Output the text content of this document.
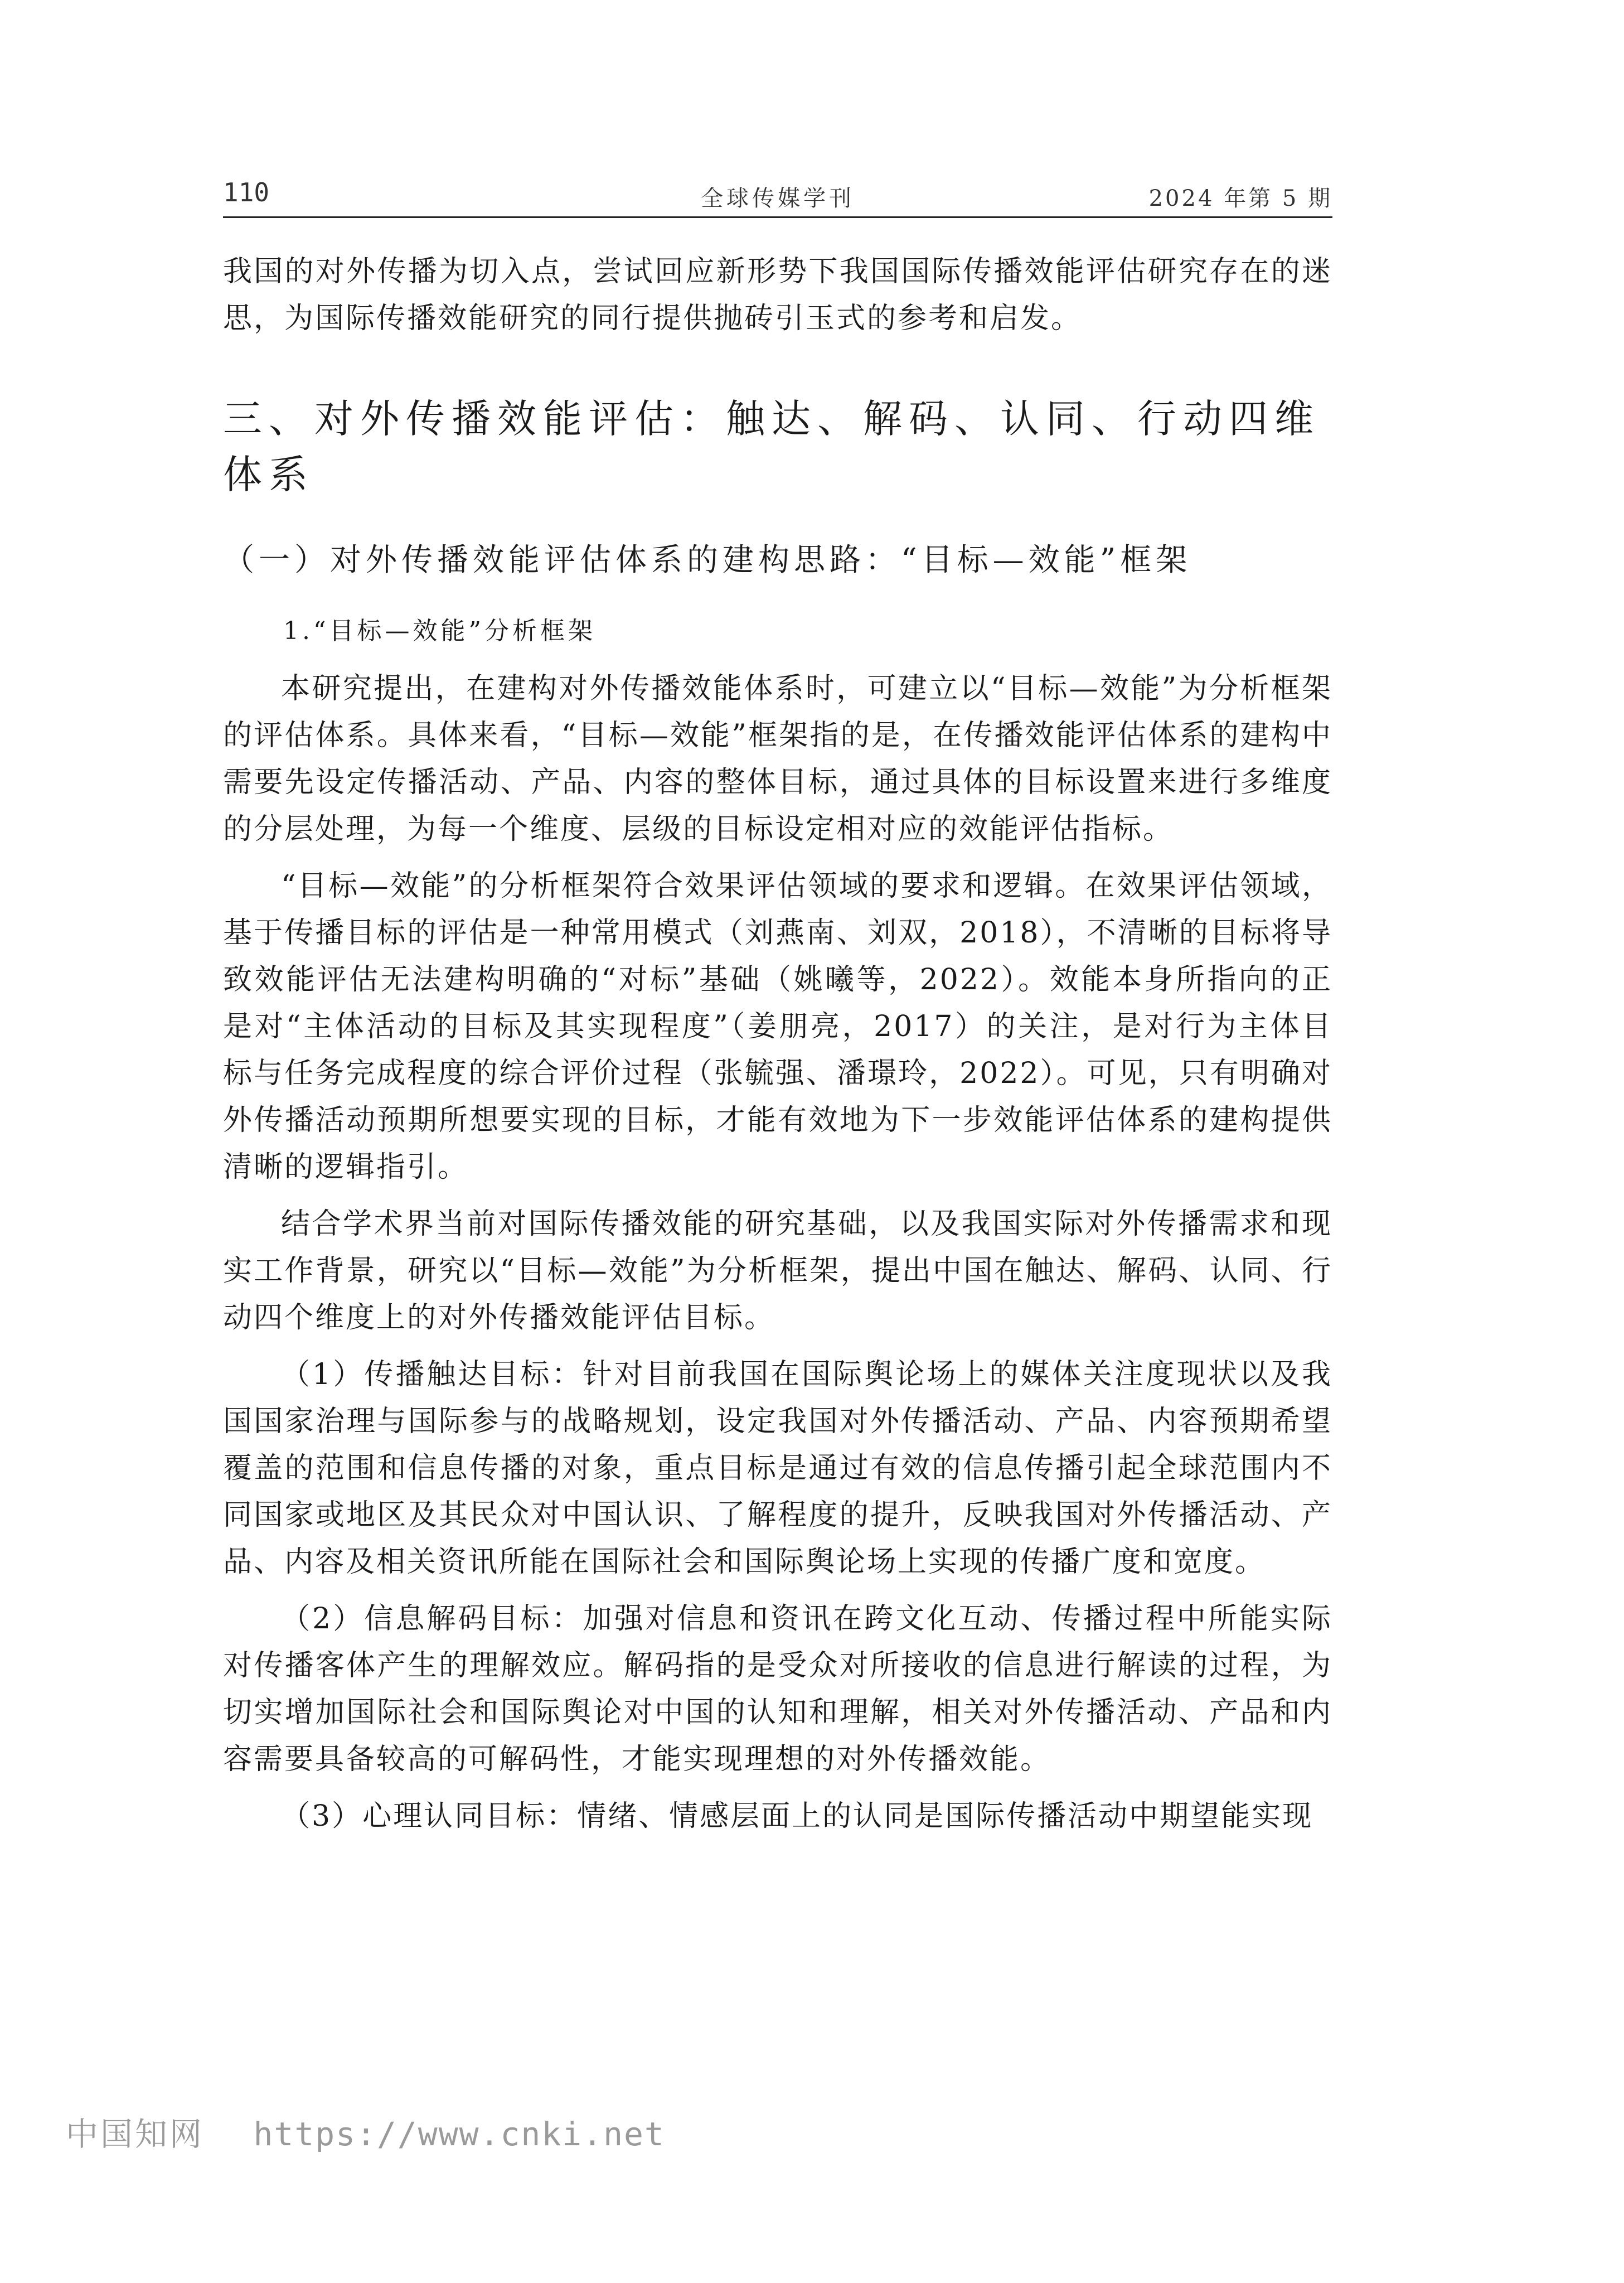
110	全球传媒学刊	2024 年第 5 期

我国的对外传播为切入点，尝试回应新形势下我国国际传播效能评估研究存在的迷思，为国际传播效能研究的同行提供抛砖引玉式的参考和启发。

三、对外传播效能评估：触达、解码、认同、行动四维体系
（一）对外传播效能评估体系的建构思路：“目标—效能”框架
1.“目标—效能”分析框架

本研究提出，在建构对外传播效能体系时，可建立以“目标—效能”为分析框架的评估体系。具体来看，“目标—效能”框架指的是，在传播效能评估体系的建构中需要先设定传播活动、产品、内容的整体目标，通过具体的目标设置来进行多维度的分层处理，为每一个维度、层级的目标设定相对应的效能评估指标。

“目标—效能”的分析框架符合效果评估领域的要求和逻辑。在效果评估领域，基于传播目标的评估是一种常用模式（刘燕南、刘双，2018），不清晰的目标将导致效能评估无法建构明确的“对标”基础（姚曦等，2022）。效能本身所指向的正是对“主体活动的目标及其实现程度”（姜朋亮，2017）的关注，是对行为主体目标与任务完成程度的综合评价过程（张毓强、潘璟玲，2022）。可见，只有明确对外传播活动预期所想要实现的目标，才能有效地为下一步效能评估体系的建构提供清晰的逻辑指引。

结合学术界当前对国际传播效能的研究基础，以及我国实际对外传播需求和现实工作背景，研究以“目标—效能”为分析框架，提出中国在触达、解码、认同、行动四个维度上的对外传播效能评估目标。

（1）传播触达目标：针对目前我国在国际舆论场上的媒体关注度现状以及我国国家治理与国际参与的战略规划，设定我国对外传播活动、产品、内容预期希望覆盖的范围和信息传播的对象，重点目标是通过有效的信息传播引起全球范围内不同国家或地区及其民众对中国认识、了解程度的提升，反映我国对外传播活动、产品、内容及相关资讯所能在国际社会和国际舆论场上实现的传播广度和宽度。

（2）信息解码目标：加强对信息和资讯在跨文化互动、传播过程中所能实际对传播客体产生的理解效应。解码指的是受众对所接收的信息进行解读的过程，为切实增加国际社会和国际舆论对中国的认知和理解，相关对外传播活动、产品和内容需要具备较高的可解码性，才能实现理想的对外传播效能。

（3）心理认同目标：情绪、情感层面上的认同是国际传播活动中期望能实现

中国知网 https://www.cnki.net
